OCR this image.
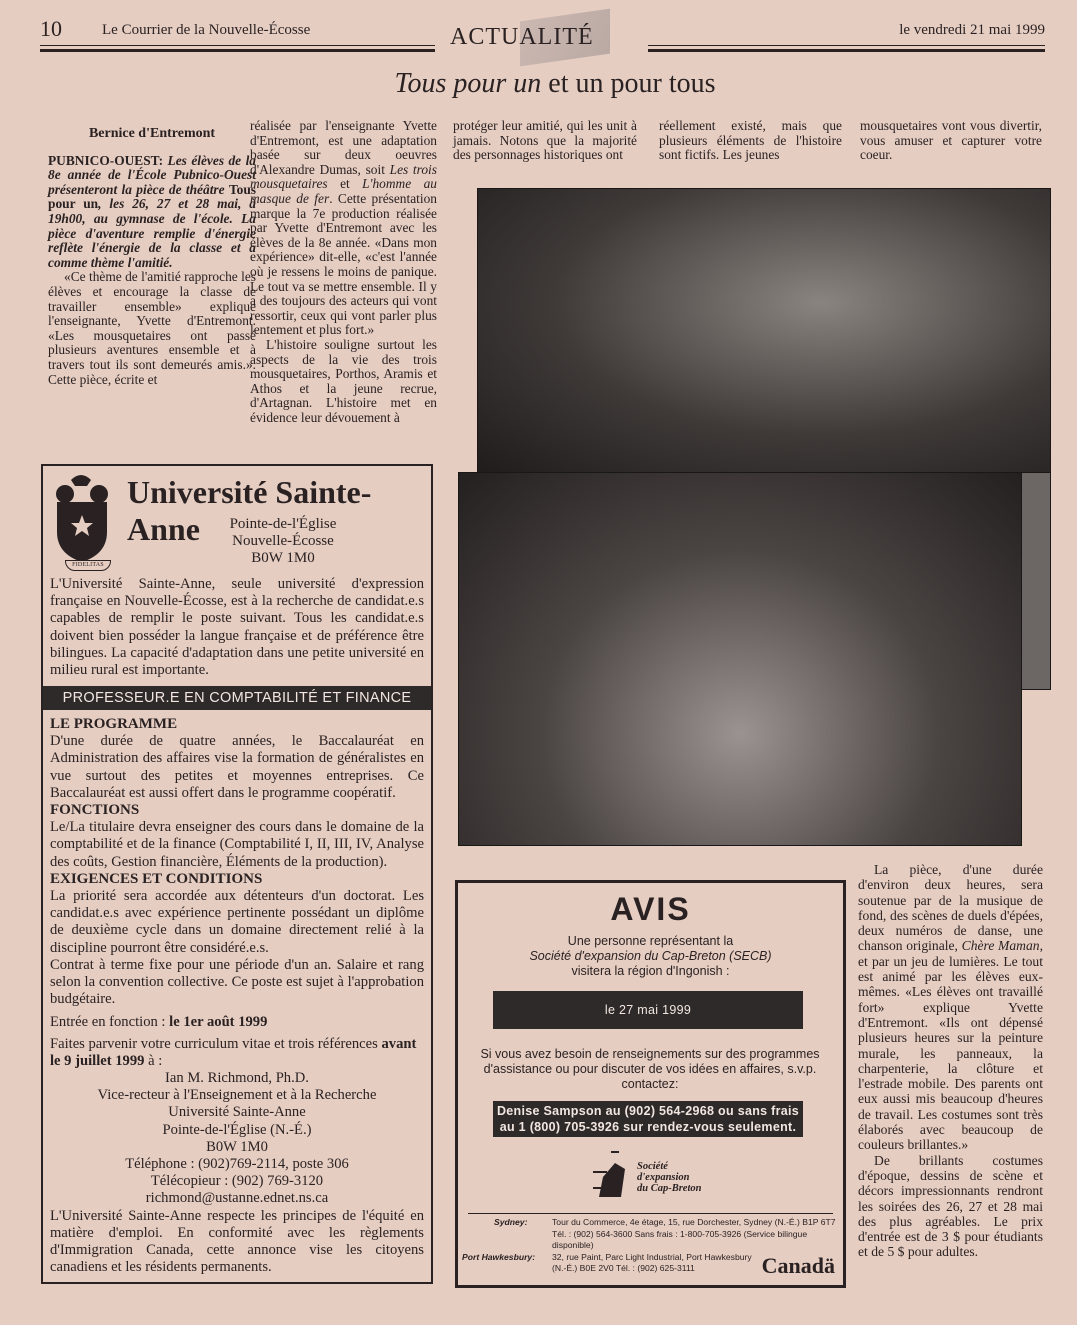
10	Le Courrier de la Nouvelle-Écosse	ACTUALITÉ	le vendredi 21 mai 1999
Tous pour un et un pour tous

Bernice d'Entremont

PUBNICO-OUEST: Les élèves de la 8e année de l'École Pubnico-Ouest présenteront la pièce de théâtre Tous pour un, les 26, 27 et 28 mai, à 19h00, au gymnase de l'école. La pièce d'aventure remplie d'énergie reflète l'énergie de la classe et a comme thème l'amitié.

«Ce thème de l'amitié rapproche les élèves et encourage la classe de travailler ensemble» explique l'enseignante, Yvette d'Entremont. «Les mousquetaires ont passé plusieurs aventures ensemble et à travers tout ils sont demeurés amis.». Cette pièce, écrite et

réalisée par l'enseignante Yvette d'Entremont, est une adaptation basée sur deux oeuvres d'Alexandre Dumas, soit Les trois mousquetaires et L'homme au masque de fer. Cette présentation marque la 7e production réalisée par Yvette d'Entremont avec les élèves de la 8e année. «Dans mon expérience» dit-elle, «c'est l'année où je ressens le moins de panique. Le tout va se mettre ensemble. Il y a des toujours des acteurs qui vont ressortir, ceux qui vont parler plus lentement et plus fort.»

L'histoire souligne surtout les aspects de la vie des trois mousquetaires, Porthos, Aramis et Athos et la jeune recrue, d'Artagnan. L'histoire met en évidence leur dévouement à

protéger leur amitié, qui les unit à jamais. Notons que la majorité des personnages historiques ont

réellement existé, mais que plusieurs éléments de l'histoire sont fictifs. Les jeunes

mousquetaires vont vous divertir, vous amuser et capturer votre coeur.

La pièce, d'une durée d'environ deux heures, sera soutenue par de la musique de fond, des scènes de duels d'épées, deux numéros de danse, une chanson originale, Chère Maman, et par un jeu de lumières. Le tout est animé par les élèves eux-mêmes. «Les élèves ont travaillé fort» explique Yvette d'Entremont. «Ils ont dépensé plusieurs heures sur la peinture murale, les panneaux, la charpenterie, la clôture et l'estrade mobile. Des parents ont eux aussi mis beaucoup d'heures de travail. Les costumes sont très élaborés avec beaucoup de couleurs brillantes.»

De brillants costumes d'époque, dessins de scène et décors impressionnants rendront les soirées des 26, 27 et 28 mai des plus agréables. Le prix d'entrée est de 3 $ pour étudiants et de 5 $ pour adultes.

FIDELITAS
Université Sainte-Anne	Pointe-de-l'Église
Nouvelle-Écosse
B0W 1M0
L'Université Sainte-Anne, seule université d'expression française en Nouvelle-Écosse, est à la recherche de candidat.e.s capables de remplir le poste suivant. Tous les candidat.e.s doivent bien posséder la langue française et de préférence être bilingues. La capacité d'adaptation dans une petite université en milieu rural est importante.
PROFESSEUR.E EN COMPTABILITÉ ET FINANCE
LE PROGRAMME
D'une durée de quatre années, le Baccalauréat en Administration des affaires vise la formation de généralistes en vue surtout des petites et moyennes entreprises. Ce Baccalauréat est aussi offert dans le programme coopératif.
FONCTIONS
Le/La titulaire devra enseigner des cours dans le domaine de la comptabilité et de la finance (Comptabilité I, II, III, IV, Analyse des coûts, Gestion financière, Éléments de la production).
EXIGENCES ET CONDITIONS
La priorité sera accordée aux détenteurs d'un doctorat. Les candidat.e.s avec expérience pertinente possédant un diplôme de deuxième cycle dans un domaine directement relié à la discipline pourront être considéré.e.s.
Contrat à terme fixe pour une période d'un an. Salaire et rang selon la convention collective. Ce poste est sujet à l'approbation budgétaire.
Entrée en fonction : le 1er août 1999
Faites parvenir votre curriculum vitae et trois références avant le 9 juillet 1999 à :
Ian M. Richmond, Ph.D.
Vice-recteur à l'Enseignement et à la Recherche
Université Sainte-Anne
Pointe-de-l'Église (N.-É.)
B0W 1M0
Téléphone : (902)769-2114, poste 306
Télécopieur : (902) 769-3120
richmond@ustanne.ednet.ns.ca
L'Université Sainte-Anne respecte les principes de l'équité en matière d'emploi. En conformité avec les règlements d'Immigration Canada, cette annonce vise les citoyens canadiens et les résidents permanents.
AVIS
Une personne représentant la
Société d'expansion du Cap-Breton (SECB)
visitera la région d'Ingonish :
le 27 mai 1999
Si vous avez besoin de renseignements sur des programmes d'assistance ou pour discuter de vos idées en affaires, s.v.p. contactez:
Denise Sampson au (902) 564-2968 ou sans frais au 1 (800) 705-3926 sur rendez-vous seulement.
Société
d'expansion
du Cap-Breton
Sydney:	Tour du Commerce, 4e étage, 15, rue Dorchester, Sydney (N.-É.) B1P 6T7
Tél. : (902) 564-3600 Sans frais : 1-800-705-3926 (Service bilingue disponible)
Port Hawkesbury:	32, rue Paint, Parc Light Industrial, Port Hawkesbury
(N.-É.) B0E 2V0 Tél. : (902) 625-3111	Canadä
